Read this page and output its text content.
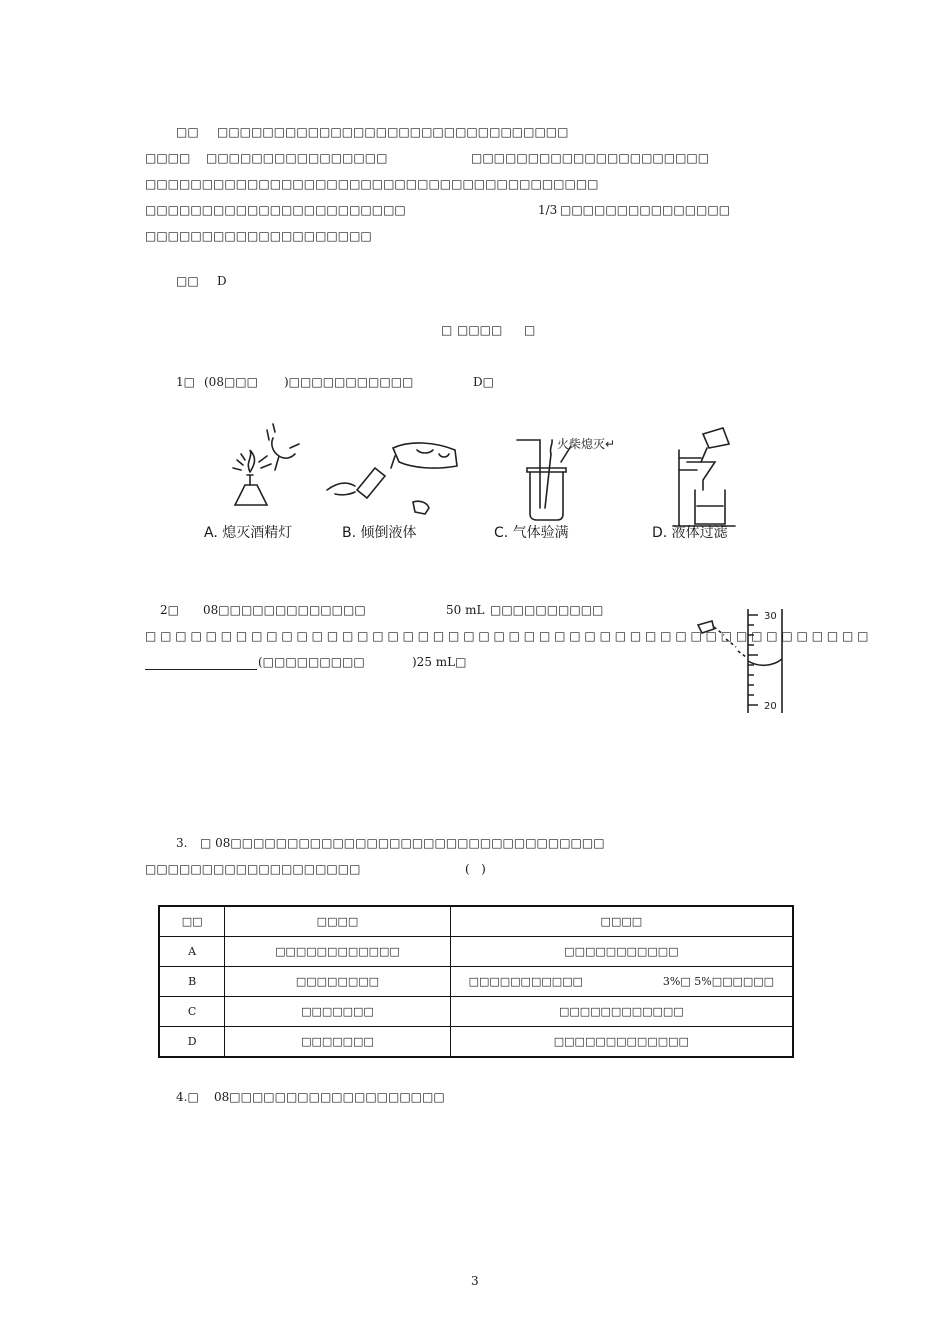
□□ □□□□□□□□□□□□□□□□□□□□□□□□□□□□□□□
□□□□ □□□□□□□□□□□□□□□□	□□□□□□□□□□□□□□□□□□□□□
□□□□□□□□□□□□□□□□□□□□□□□□□□□□□□□□□□□□□□□□
□□□□□□□□□□□□□□□□□□□□□□□	1/3 □□□□□□□□□□□□□□□
□□□□□□□□□□□□□□□□□□□□
□□ D
□ □□□□ □
1□ (08□□□ )□□□□□□□□□□□	D□
火柴熄灭↵
A. 熄灭酒精灯	B. 倾倒液体	C. 气体验满	D. 液体过滤
2□ 08□□□□□□□□□□□□□	50 mL □□□□□□□□□□
□ □ □ □ □ □ □ □ □ □ □ □ □ □ □ □ □ □ □ □ □ □ □ □ □ □ □ □ □ □ □ □ □ □ □ □ □ □ □ □ □ □ □ □ □ □ □ □
(□□□□□□□□□	)25 mL□
30
20
3. □ 08□□□□□□□□□□□□□□□□□□□□□□□□□□□□□□□□□
□□□□□□□□□□□□□□□□□□□	(   )
□□	□□□□	□□□□
A	□□□□□□□□□□□□	□□□□□□□□□□□
B	□□□□□□□□	□□□□□□□□□□□ 3%□ 5%□□□□□□
C	□□□□□□□	□□□□□□□□□□□□
D	□□□□□□□	□□□□□□□□□□□□□
4.□ 08□□□□□□□□□□□□□□□□□□□
3
